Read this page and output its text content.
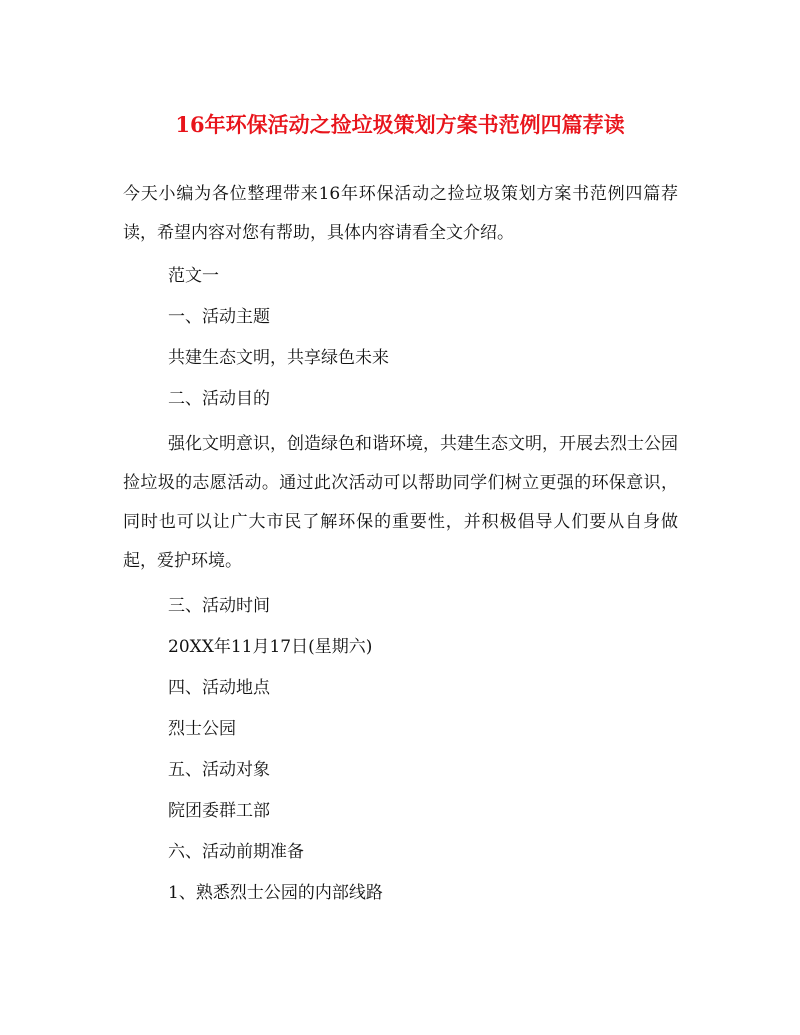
16年环保活动之捡垃圾策划方案书范例四篇荐读

今天小编为各位整理带来16年环保活动之捡垃圾策划方案书范例四篇荐读，希望内容对您有帮助，具体内容请看全文介绍。

范文一

一、活动主题

共建生态文明，共享绿色未来

二、活动目的

强化文明意识，创造绿色和谐环境，共建生态文明，开展去烈士公园捡垃圾的志愿活动。通过此次活动可以帮助同学们树立更强的环保意识，同时也可以让广大市民了解环保的重要性，并积极倡导人们要从自身做起，爱护环境。

三、活动时间

20XX年11月17日(星期六)

四、活动地点

烈士公园

五、活动对象

院团委群工部

六、活动前期准备

1、熟悉烈士公园的内部线路
